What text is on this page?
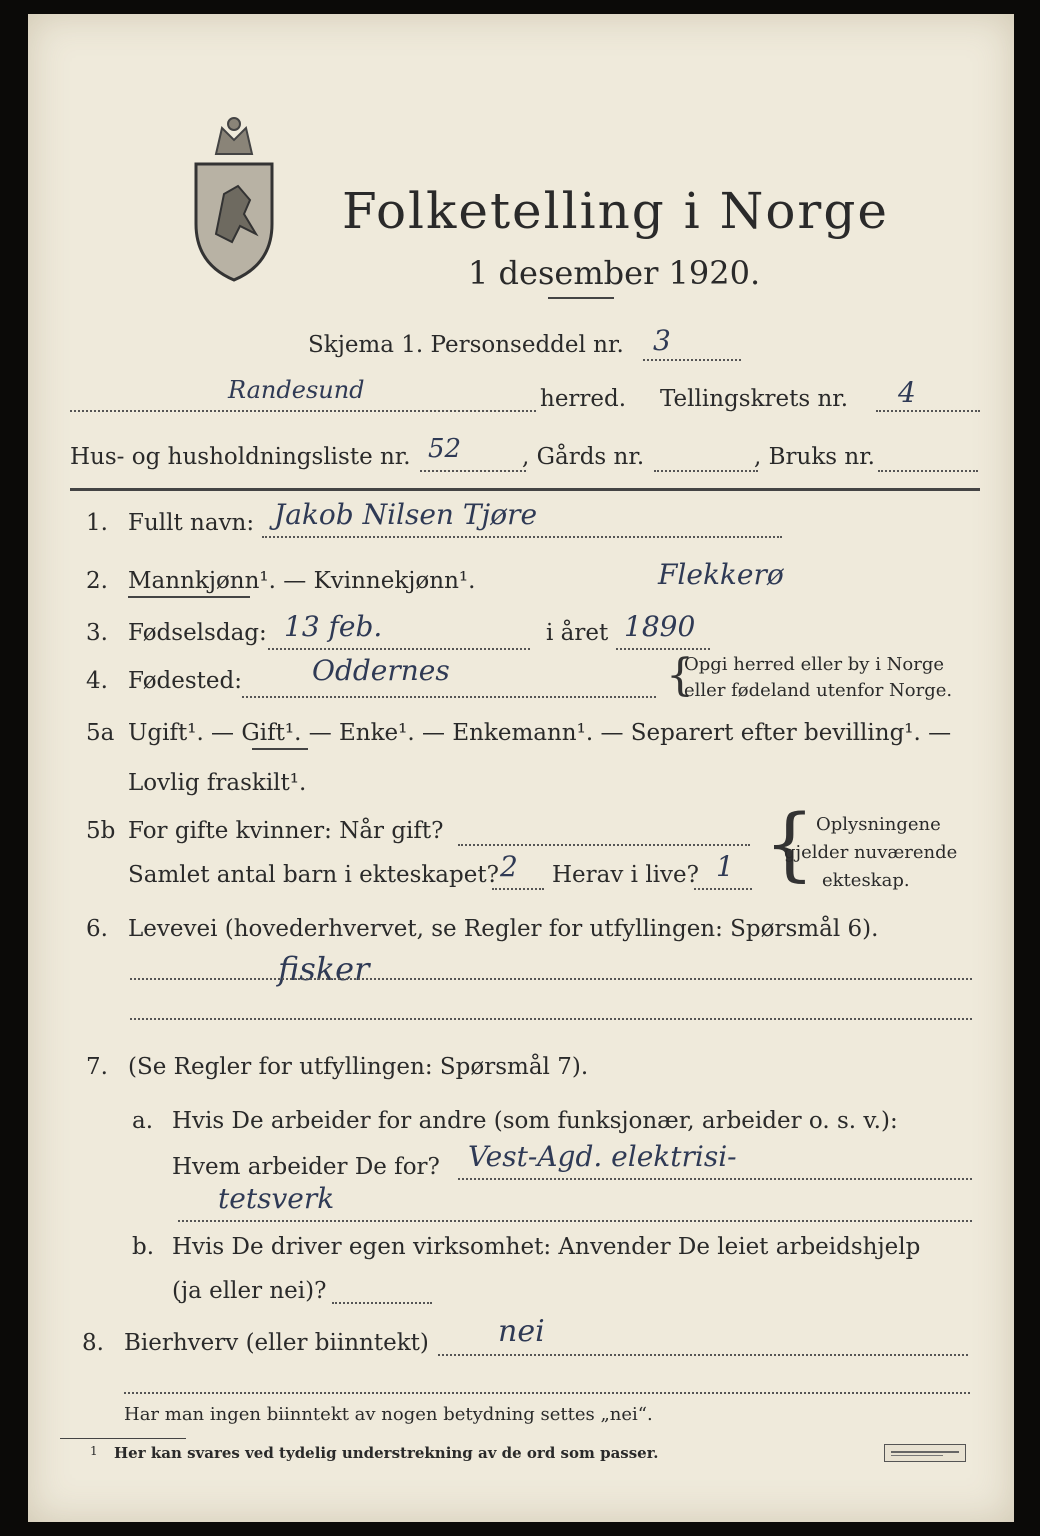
Folketelling i Norge
1 desember 1920.
Skjema 1. Personseddel nr. 3
Randesund	herred. Tellingskrets nr. 4
Hus- og husholdningsliste nr. 52	, Gårds nr.	, Bruks nr.
1. Fullt navn: Jakob Nilsen Tjøre
2. Mannkjønn¹. — Kvinnekjønn¹.	Flekkerø
3. Fødselsdag: 13 feb.	i året 1890
4. Fødested: Oddernes	{
Opgi herred eller by i Norge
eller fødeland utenfor Norge.
5a Ugift¹. — Gift¹. — Enke¹. — Enkemann¹. — Separert efter bevilling¹. —
Lovlig fraskilt¹.
5b For gifte kvinner: Når gift?
Samlet antal barn i ekteskapet? 2 Herav i live? 1 { Oplysningene
gjelder nuværende
ekteskap.
6. Levevei (hovederhvervet, se Regler for utfyllingen: Spørsmål 6).
fisker
7. (Se Regler for utfyllingen: Spørsmål 7).
a. Hvis De arbeider for andre (som funksjonær, arbeider o. s. v.):
Hvem arbeider De for? Vest-Agd. elektrisi-
tetsverk
b. Hvis De driver egen virksomhet: Anvender De leiet arbeidshjelp
(ja eller nei)?
8. Bierhverv (eller biinntekt) nei
Har man ingen biinntekt av nogen betydning settes „nei“.
1 Her kan svares ved tydelig understrekning av de ord som passer.
